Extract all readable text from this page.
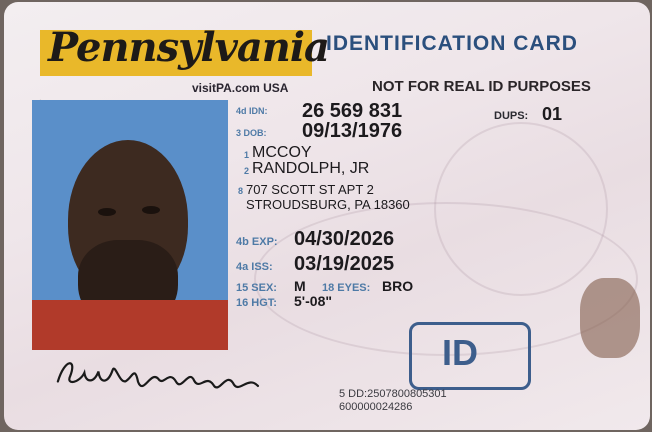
Pennsylvania
visitPA.com USA
IDENTIFICATION CARD
NOT FOR REAL ID PURPOSES
4d IDN: 26 569 831	DUPS: 01
3 DOB: 09/13/1976
1 MCCOY
2 RANDOLPH, JR
8 707 SCOTT ST APT 2
STROUDSBURG, PA 18360
4b EXP: 04/30/2026
4a ISS: 03/19/2025
15 SEX: M 18 EYES: BRO
16 HGT: 5'-08"
ID
5 DD:2507800805301
600000024286
